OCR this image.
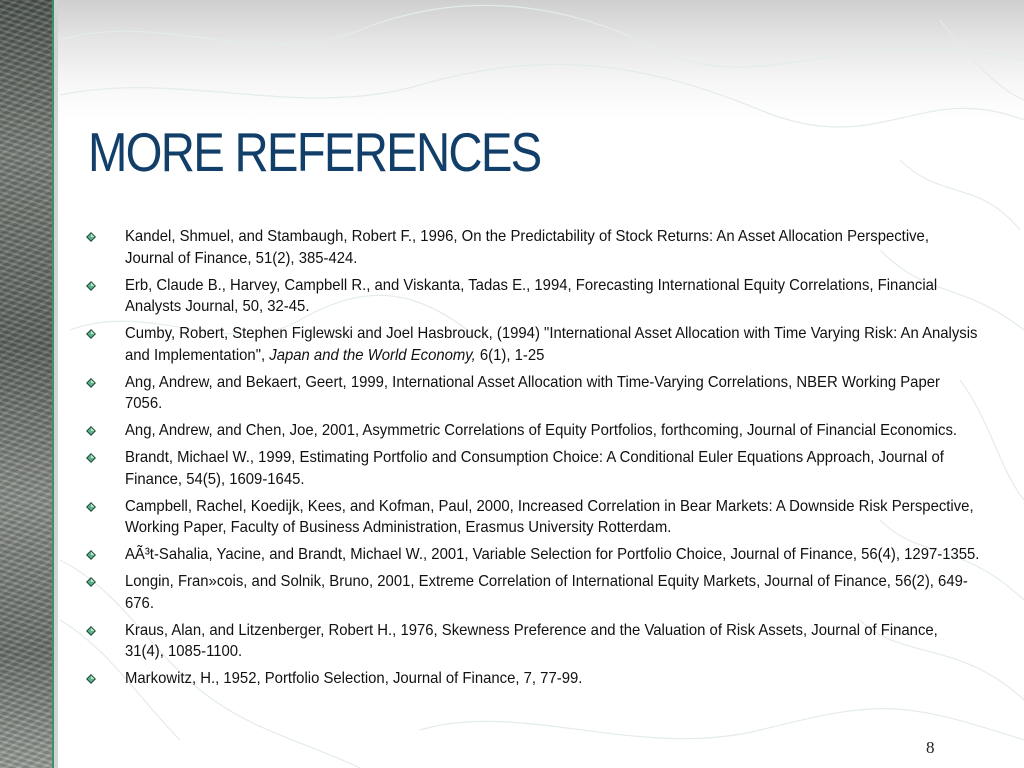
MORE REFERENCES
Kandel, Shmuel, and Stambaugh, Robert F., 1996, On the Predictability of Stock Returns: An Asset Allocation Perspective, Journal of Finance, 51(2), 385-424.
Erb, Claude B., Harvey, Campbell R., and Viskanta, Tadas E., 1994, Forecasting International Equity Correlations, Financial Analysts Journal, 50, 32-45.
Cumby, Robert, Stephen Figlewski and Joel Hasbrouck, (1994) "International Asset Allocation with Time Varying Risk: An Analysis and Implementation", Japan and the World Economy, 6(1), 1-25
Ang, Andrew, and Bekaert, Geert, 1999, International Asset Allocation with Time-Varying Correlations, NBER Working Paper 7056.
Ang, Andrew, and Chen, Joe, 2001, Asymmetric Correlations of Equity Portfolios, forthcoming, Journal of Financial Economics.
Brandt, Michael W., 1999, Estimating Portfolio and Consumption Choice: A Conditional Euler Equations Approach, Journal of Finance, 54(5), 1609-1645.
Campbell, Rachel, Koedijk, Kees, and Kofman, Paul, 2000, Increased Correlation in Bear Markets: A Downside Risk Perspective, Working Paper, Faculty of Business Administration, Erasmus University Rotterdam.
AÃ³t-Sahalia, Yacine, and Brandt, Michael W., 2001, Variable Selection for Portfolio Choice, Journal of Finance, 56(4), 1297-1355.
Longin, Fran»cois, and Solnik, Bruno, 2001, Extreme Correlation of International Equity Markets, Journal of Finance, 56(2), 649-676.
Kraus, Alan, and Litzenberger, Robert H., 1976, Skewness Preference and the Valuation of Risk Assets, Journal of Finance, 31(4), 1085-1100.
Markowitz, H., 1952, Portfolio Selection, Journal of Finance, 7, 77-99.
8
